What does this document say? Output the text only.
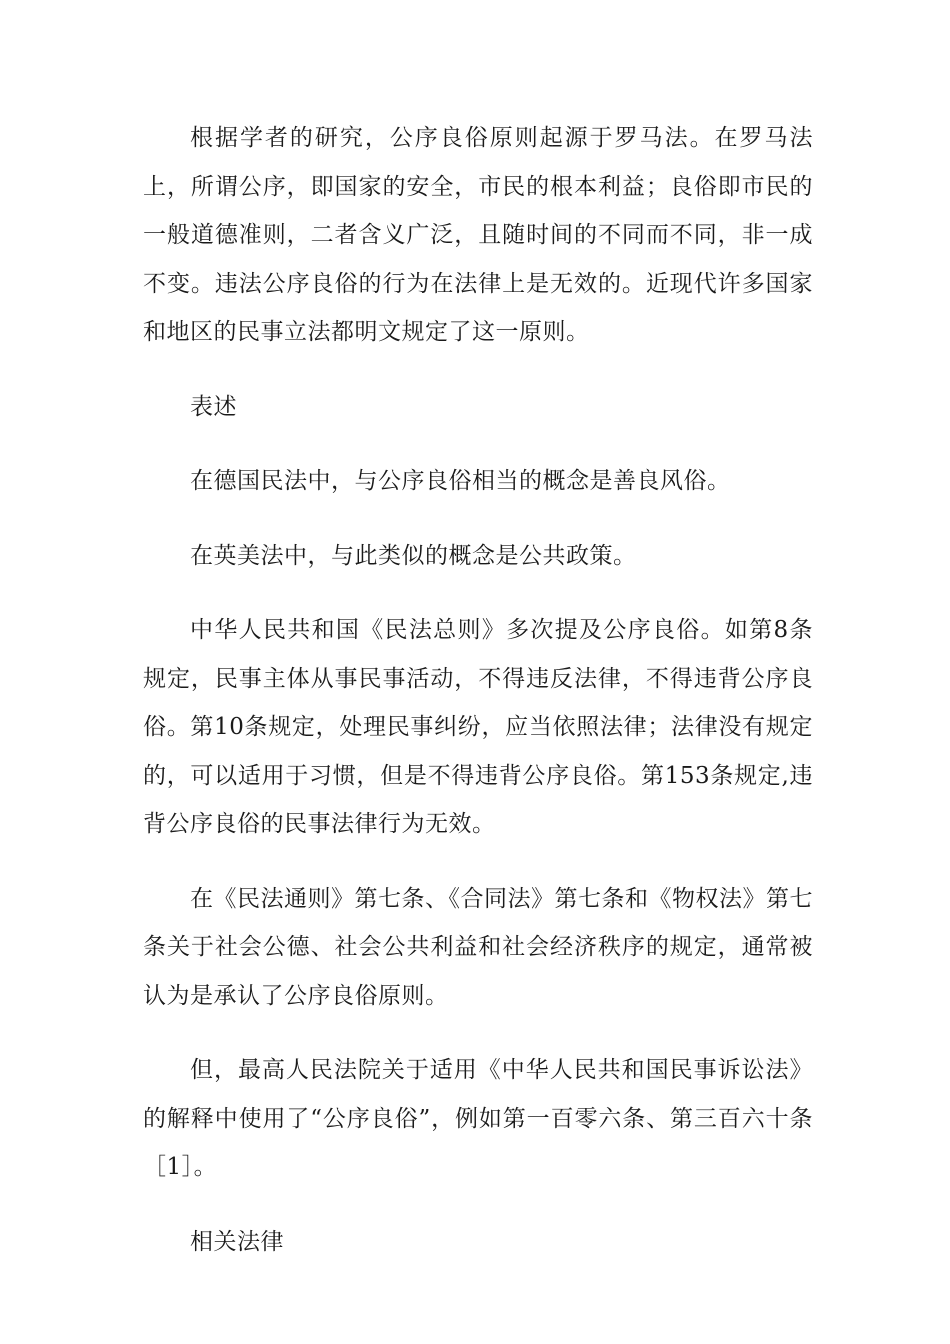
根据学者的研究，公序良俗原则起源于罗马法。在罗马法上，所谓公序，即国家的安全，市民的根本利益；良俗即市民的一般道德准则，二者含义广泛，且随时间的不同而不同，非一成不变。违法公序良俗的行为在法律上是无效的。近现代许多国家和地区的民事立法都明文规定了这一原则。

表述

在德国民法中，与公序良俗相当的概念是善良风俗。

在英美法中，与此类似的概念是公共政策。

中华人民共和国《民法总则》多次提及公序良俗。如第8条规定，民事主体从事民事活动，不得违反法律，不得违背公序良俗。第10条规定，处理民事纠纷，应当依照法律；法律没有规定的，可以适用于习惯，但是不得违背公序良俗。第153条规定,违背公序良俗的民事法律行为无效。

在《民法通则》第七条、《合同法》第七条和《物权法》第七条关于社会公德、社会公共利益和社会经济秩序的规定，通常被认为是承认了公序良俗原则。

但，最高人民法院关于适用《中华人民共和国民事诉讼法》的解释中使用了“公序良俗”，例如第一百零六条、第三百六十条［1］。

相关法律
